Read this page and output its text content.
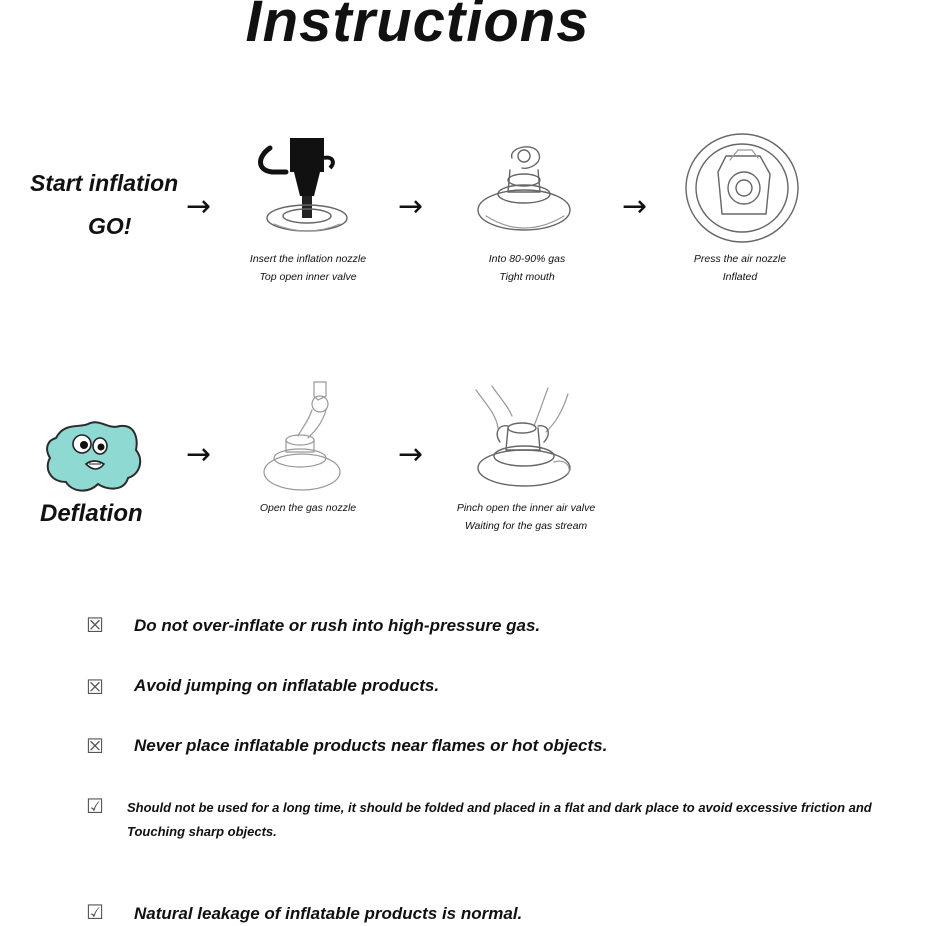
Instructions
Start inflation
GO!
→	→	→
Insert the inflation nozzle
Top open inner valve
Into 80-90% gas
Tight mouth
Press the air nozzle
Inflated
Deflation
→	→
Open the gas nozzle	Pinch open the inner air valve
Waiting for the gas stream
☒ Do not over-inflate or rush into high-pressure gas.
☒ Avoid jumping on inflatable products.
☒ Never place inflatable products near flames or hot objects.
☑ Should not be used for a long time, it should be folded and placed in a flat and dark place to avoid excessive friction and Touching sharp objects.
☑ Natural leakage of inflatable products is normal.
